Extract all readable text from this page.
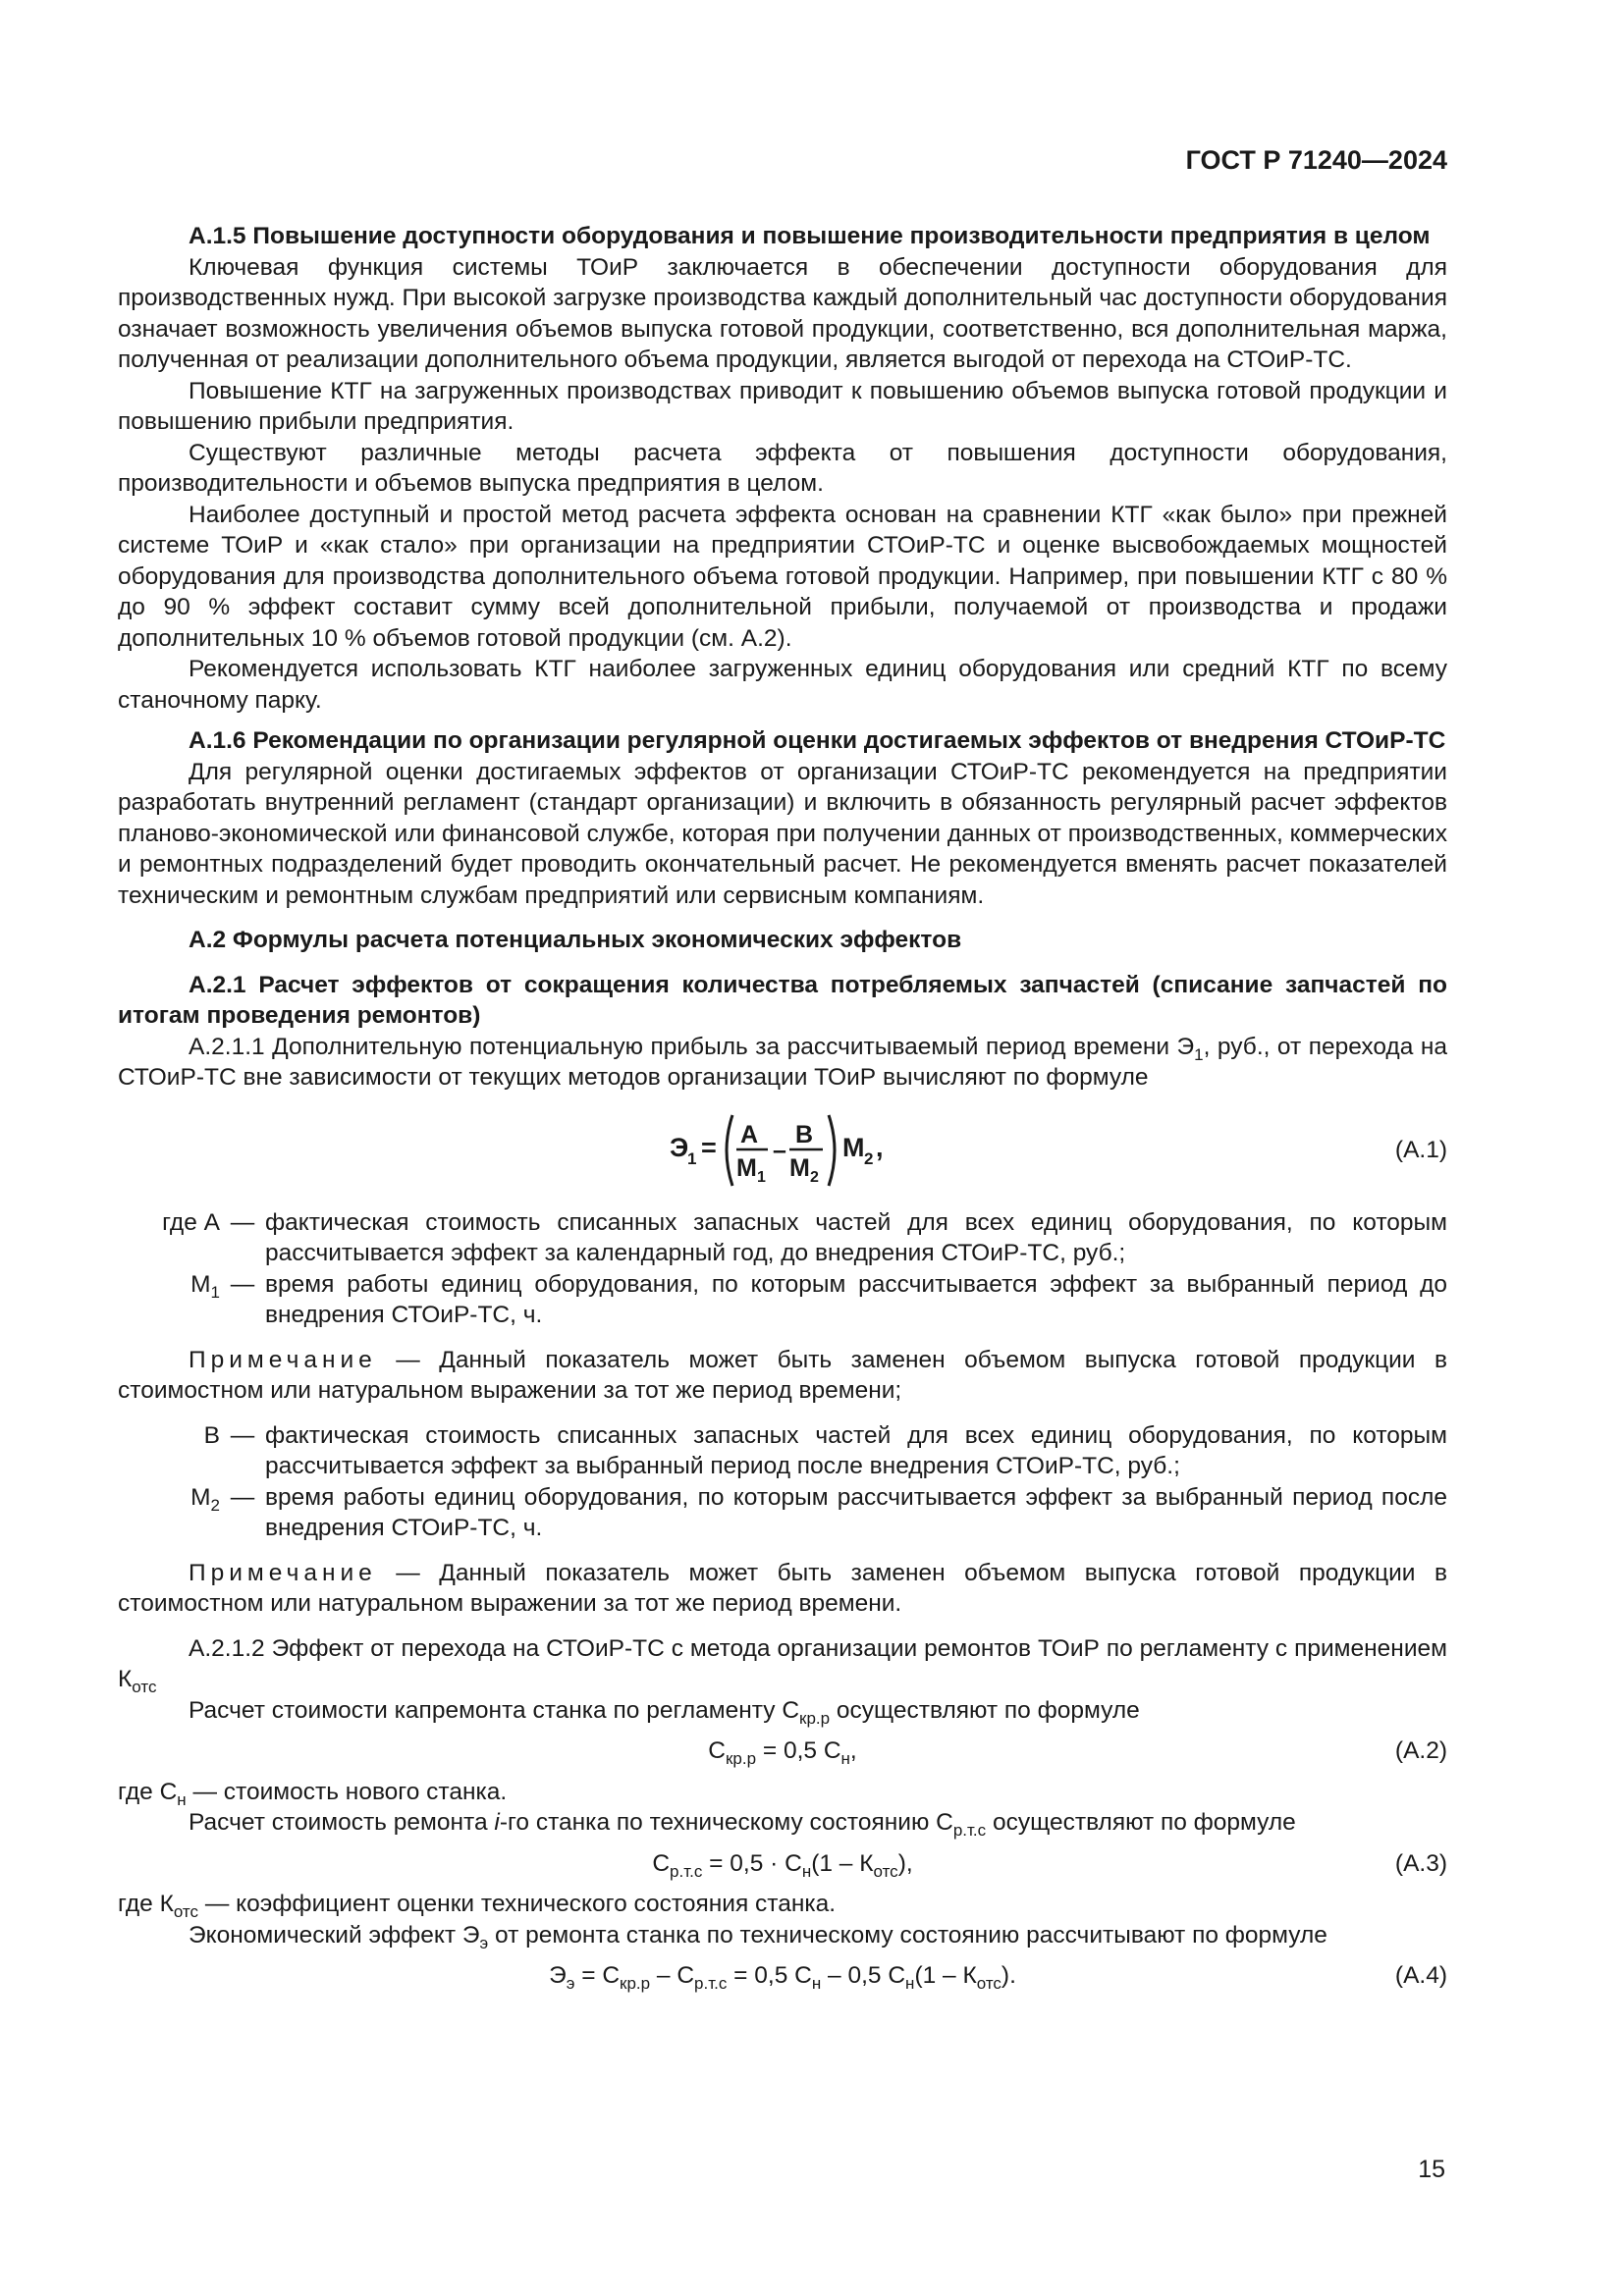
ГОСТ Р 71240—2024

А.1.5 Повышение доступности оборудования и повышение производительности предприятия в целом

Ключевая функция системы ТОиР заключается в обеспечении доступности оборудования для производственных нужд. При высокой загрузке производства каждый дополнительный час доступности оборудования означает возможность увеличения объемов выпуска готовой продукции, соответственно, вся дополнительная маржа, полученная от реализации дополнительного объема продукции, является выгодой от перехода на СТОиР-ТС.

Повышение КТГ на загруженных производствах приводит к повышению объемов выпуска готовой продукции и повышению прибыли предприятия.

Существуют различные методы расчета эффекта от повышения доступности оборудования, производительности и объемов выпуска предприятия в целом.

Наиболее доступный и простой метод расчета эффекта основан на сравнении КТГ «как было» при прежней системе ТОиР и «как стало» при организации на предприятии СТОиР-ТС и оценке высвобождаемых мощностей оборудования для производства дополнительного объема готовой продукции. Например, при повышении КТГ с 80 % до 90 % эффект составит сумму всей дополнительной прибыли, получаемой от производства и продажи дополнительных 10 % объемов готовой продукции (см. А.2).

Рекомендуется использовать КТГ наиболее загруженных единиц оборудования или средний КТГ по всему станочному парку.

А.1.6 Рекомендации по организации регулярной оценки достигаемых эффектов от внедрения СТОиР-ТС

Для регулярной оценки достигаемых эффектов от организации СТОиР-ТС рекомендуется на предприятии разработать внутренний регламент (стандарт организации) и включить в обязанность регулярный расчет эффектов планово-экономической или финансовой службе, которая при получении данных от производственных, коммерческих и ремонтных подразделений будет проводить окончательный расчет. Не рекомендуется вменять расчет показателей техническим и ремонтным службам предприятий или сервисным компаниям.

А.2 Формулы расчета потенциальных экономических эффектов

А.2.1 Расчет эффектов от сокращения количества потребляемых запчастей (списание запчастей по итогам проведения ремонтов)

А.2.1.1 Дополнительную потенциальную прибыль за рассчитываемый период времени $Э_1$, руб., от перехода на СТОиР-ТС вне зависимости от текущих методов организации ТОиР вычисляют по формуле

Э
1 = А
М 1
–
В
М 2
М 2 ,	(А.1)
где А — фактическая стоимость списанных запасных частей для всех единиц оборудования, по которым рассчитывается эффект за календарный год, до внедрения СТОиР-ТС, руб.;
$М_1$ — время работы единиц оборудования, по которым рассчитывается эффект за выбранный период до внедрения СТОиР-ТС, ч.

Примечание — Данный показатель может быть заменен объемом выпуска готовой продукции в стоимостном или натуральном выражении за тот же период времени;

В — фактическая стоимость списанных запасных частей для всех единиц оборудования, по которым рассчитывается эффект за выбранный период после внедрения СТОиР-ТС, руб.;
$М_2$ — время работы единиц оборудования, по которым рассчитывается эффект за выбранный период после внедрения СТОиР-ТС, ч.

Примечание — Данный показатель может быть заменен объемом выпуска готовой продукции в стоимостном или натуральном выражении за тот же период времени.

А.2.1.2 Эффект от перехода на СТОиР-ТС с метода организации ремонтов ТОиР по регламенту с применением $К_{отс}$

Расчет стоимости капремонта станка по регламенту $С_{кр.р}$ осуществляют по формуле

$С_{кр.р} = 0,5$ $С_н$,	(А.2)

где $С_н$ — стоимость нового станка.

Расчет стоимость ремонта i-го станка по техническому состоянию $С_{р.т.с}$ осуществляют по формуле

$С_{р.т.с} = 0,5 \cdot С_н(1 - К_{отс})$,	(А.3)

где $К_{отс}$ — коэффициент оценки технического состояния станка.

Экономический эффект $Э_э$ от ремонта станка по техническому состоянию рассчитывают по формуле

$Э_э = С_{кр.р} - С_{р.т.с} = 0,5$ $С_н - 0,5$ $С_н(1 - К_{отс})$.	(А.4)
15
